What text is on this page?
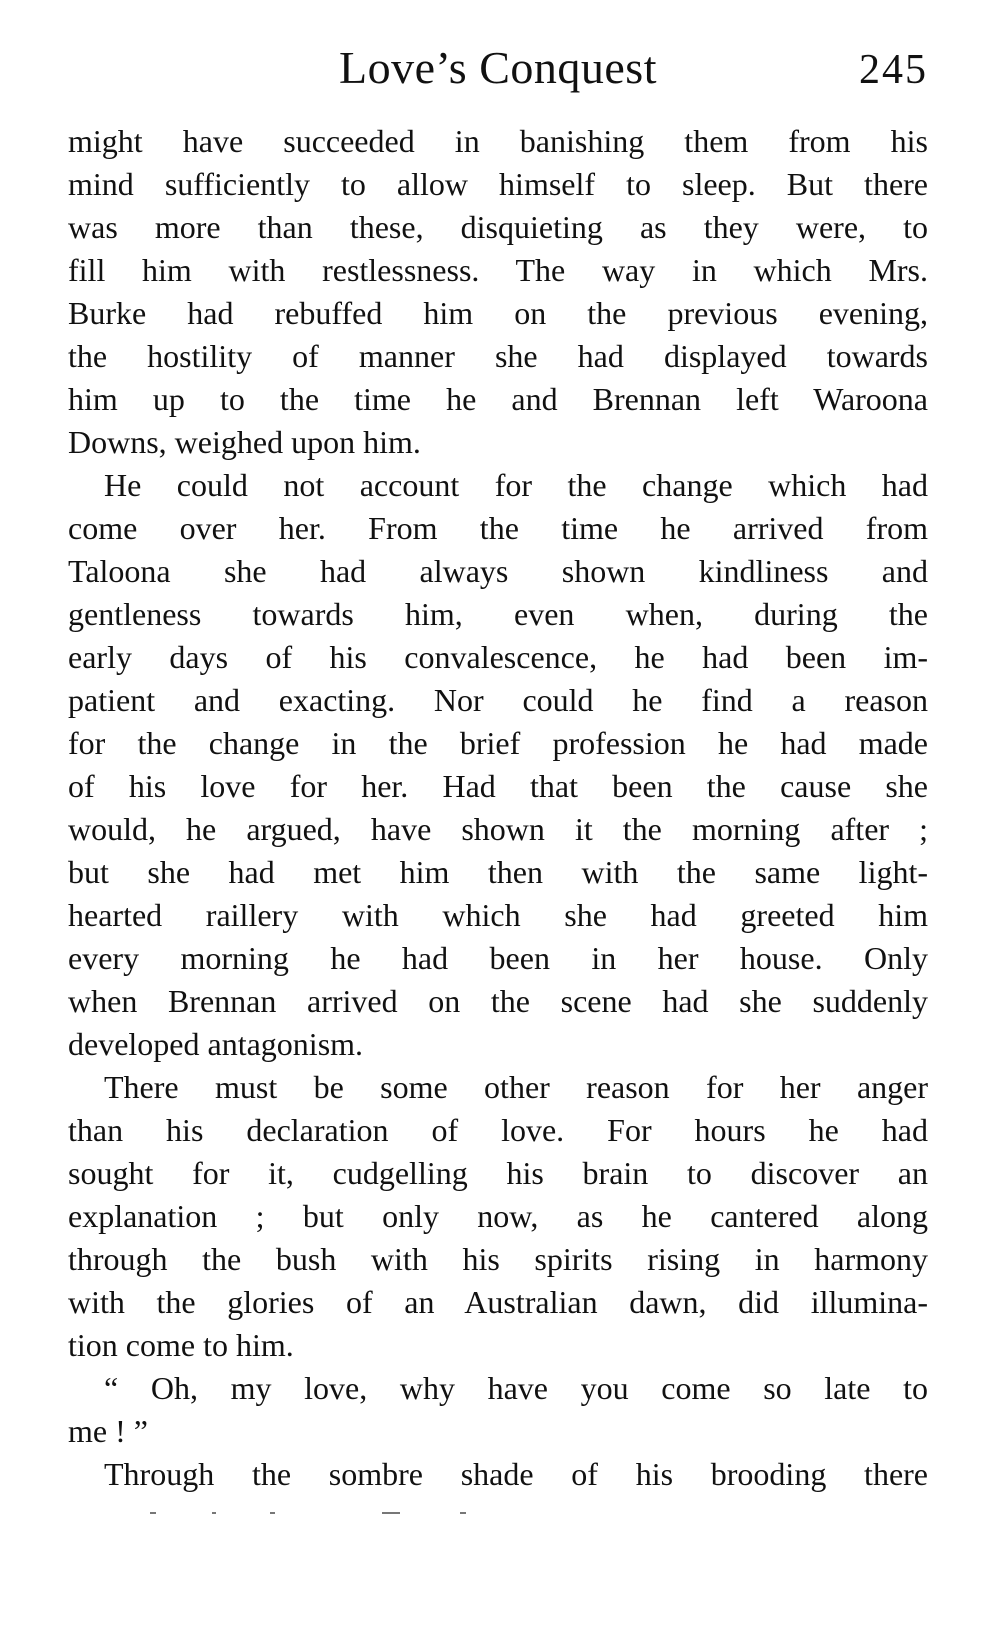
Love’s Conquest	245
might have succeeded in banishing them from his
mind sufficiently to allow himself to sleep. But there
was more than these, disquieting as they were, to
fill him with restlessness. The way in which Mrs.
Burke had rebuffed him on the previous evening,
the hostility of manner she had displayed towards
him up to the time he and Brennan left Waroona
Downs, weighed upon him.
He could not account for the change which had
come over her. From the time he arrived from
Taloona she had always shown kindliness and
gentleness towards him, even when, during the
early days of his convalescence, he had been im-
patient and exacting. Nor could he find a reason
for the change in the brief profession he had made
of his love for her. Had that been the cause she
would, he argued, have shown it the morning after ;
but she had met him then with the same light-
hearted raillery with which she had greeted him
every morning he had been in her house. Only
when Brennan arrived on the scene had she suddenly
developed antagonism.
There must be some other reason for her anger
than his declaration of love. For hours he had
sought for it, cudgelling his brain to discover an
explanation ; but only now, as he cantered along
through the bush with his spirits rising in harmony
with the glories of an Australian dawn, did illumina-
tion come to him.
“ Oh, my love, why have you come so late to
me ! ”
Through the sombre shade of his brooding there
